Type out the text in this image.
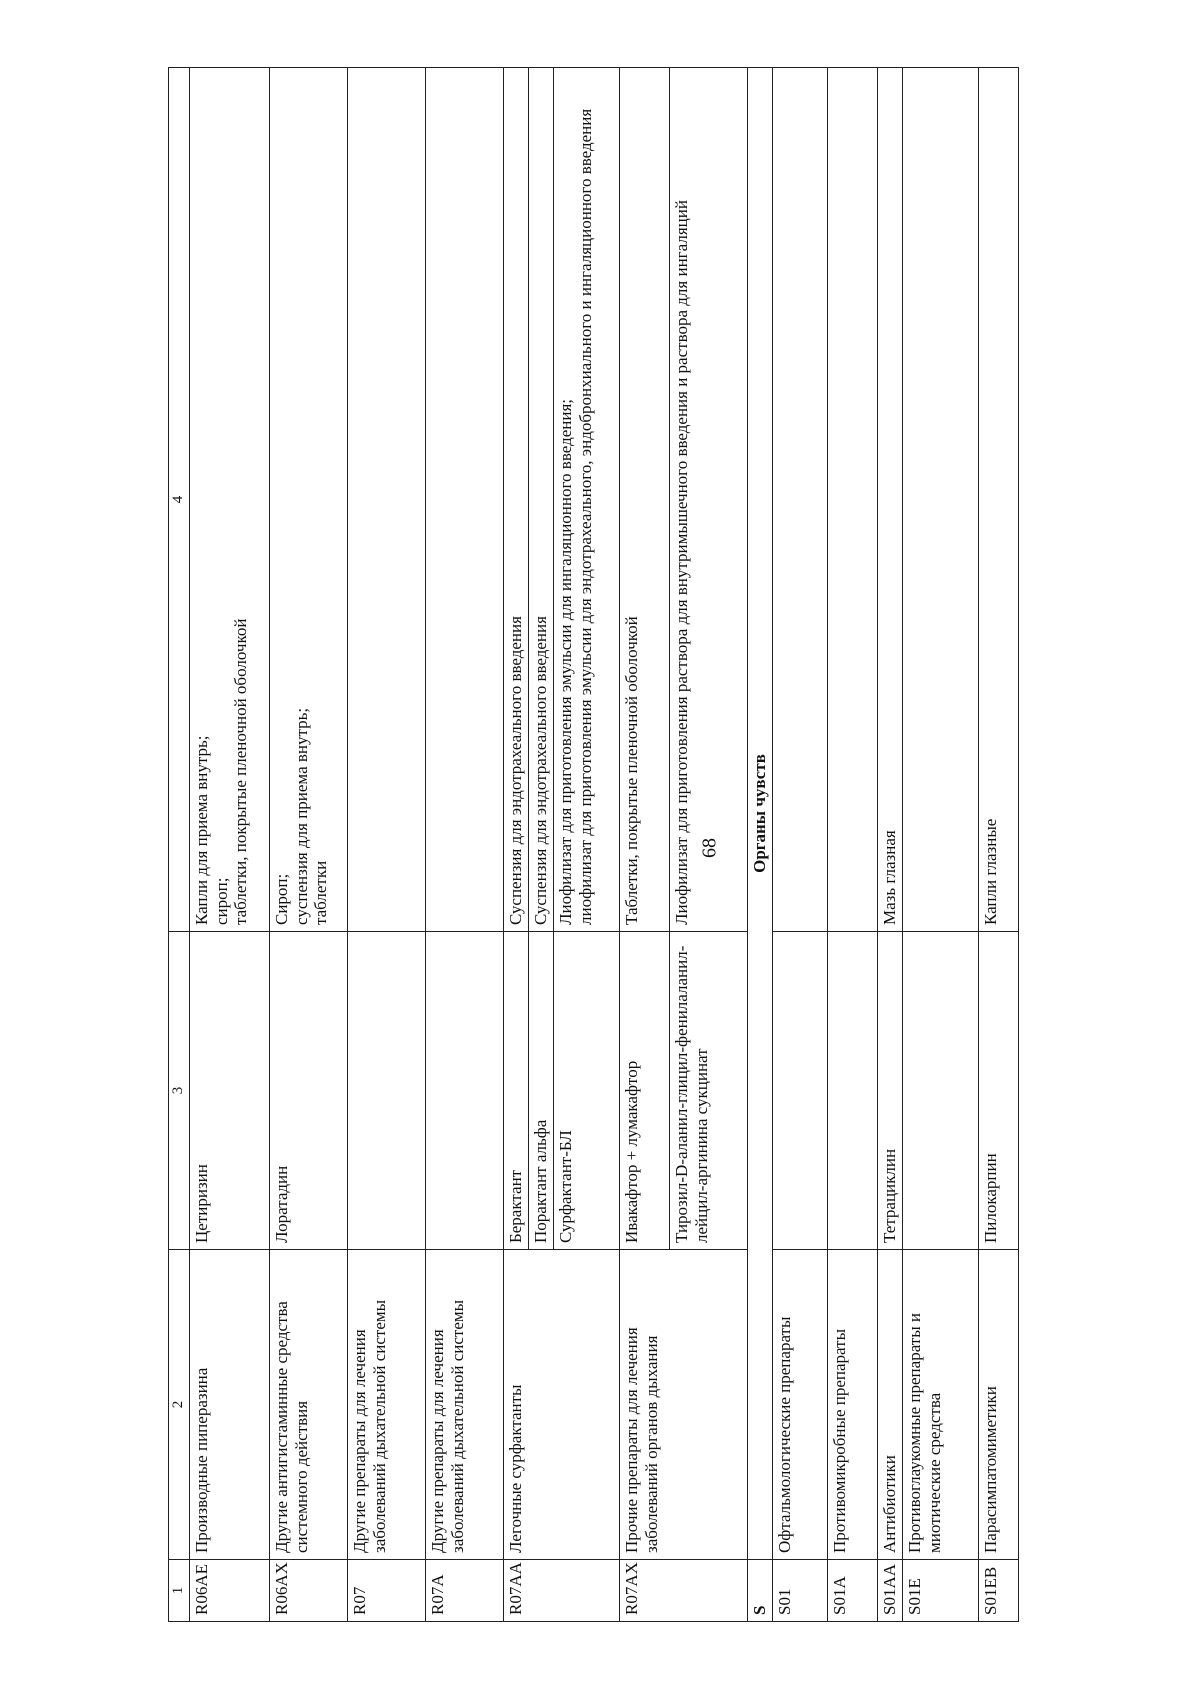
68
1	2	3	4
R06AE	Производные пиперазина	Цетиризин	Капли для приема внутрь;
сироп;
таблетки, покрытые пленочной оболочкой
R06AX	Другие антигистаминные средства системного действия	Лоратадин	Сироп;
суспензия для приема внутрь;
таблетки
R07	Другие препараты для лечения заболеваний дыхательной системы		
R07A	Другие препараты для лечения заболеваний дыхательной системы		
R07AA	Легочные сурфактанты	Берактант	Суспензия для эндотрахеального введения
		Порактант альфа	Суспензия для эндотрахеального введения
		Сурфактант-БЛ	Лиофилизат для приготовления эмульсии для ингаляционного введения;
лиофилизат для приготовления эмульсии для эндотрахеального, эндобронхиального и ингаляционного введения
R07AX	Прочие препараты для лечения заболеваний органов дыхания	Ивакафтор + лумакафтор	Таблетки, покрытые пленочной оболочкой
		Тирозил-D-аланил-глицил-фенилаланил-лейцил-аргинина сукцинат	Лиофилизат для приготовления раствора для внутримышечного введения и раствора для ингаляций
S	Органы чувств		
S01	Офтальмологические препараты		
S01A	Противомикробные препараты		
S01AA	Антибиотики	Тетрациклин	Мазь глазная
S01E	Противоглаукомные препараты и миотические средства		
S01EB	Парасимпатомиметики	Пилокарпин	Капли глазные
